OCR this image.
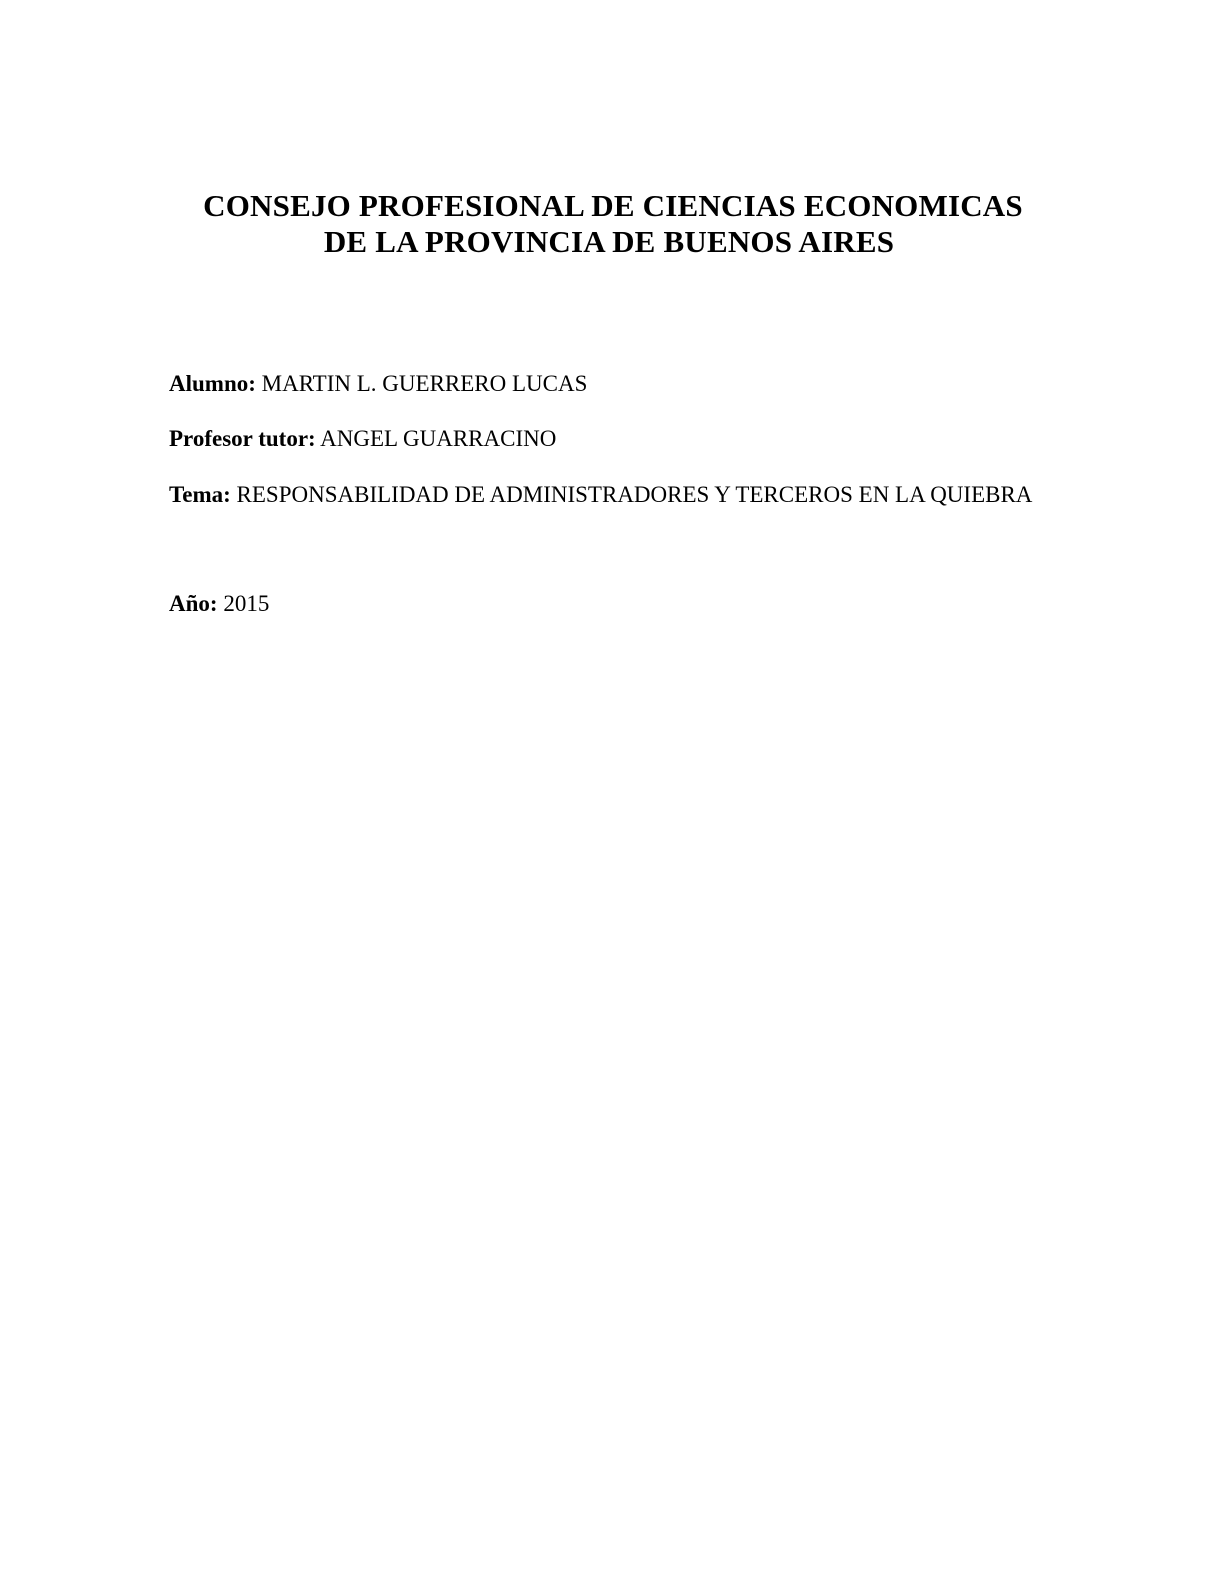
CONSEJO PROFESIONAL DE CIENCIAS ECONOMICAS
DE LA PROVINCIA DE BUENOS AIRES
Alumno: MARTIN L. GUERRERO LUCAS
Profesor tutor: ANGEL GUARRACINO
Tema: RESPONSABILIDAD DE ADMINISTRADORES Y TERCEROS EN LA QUIEBRA
Año: 2015
